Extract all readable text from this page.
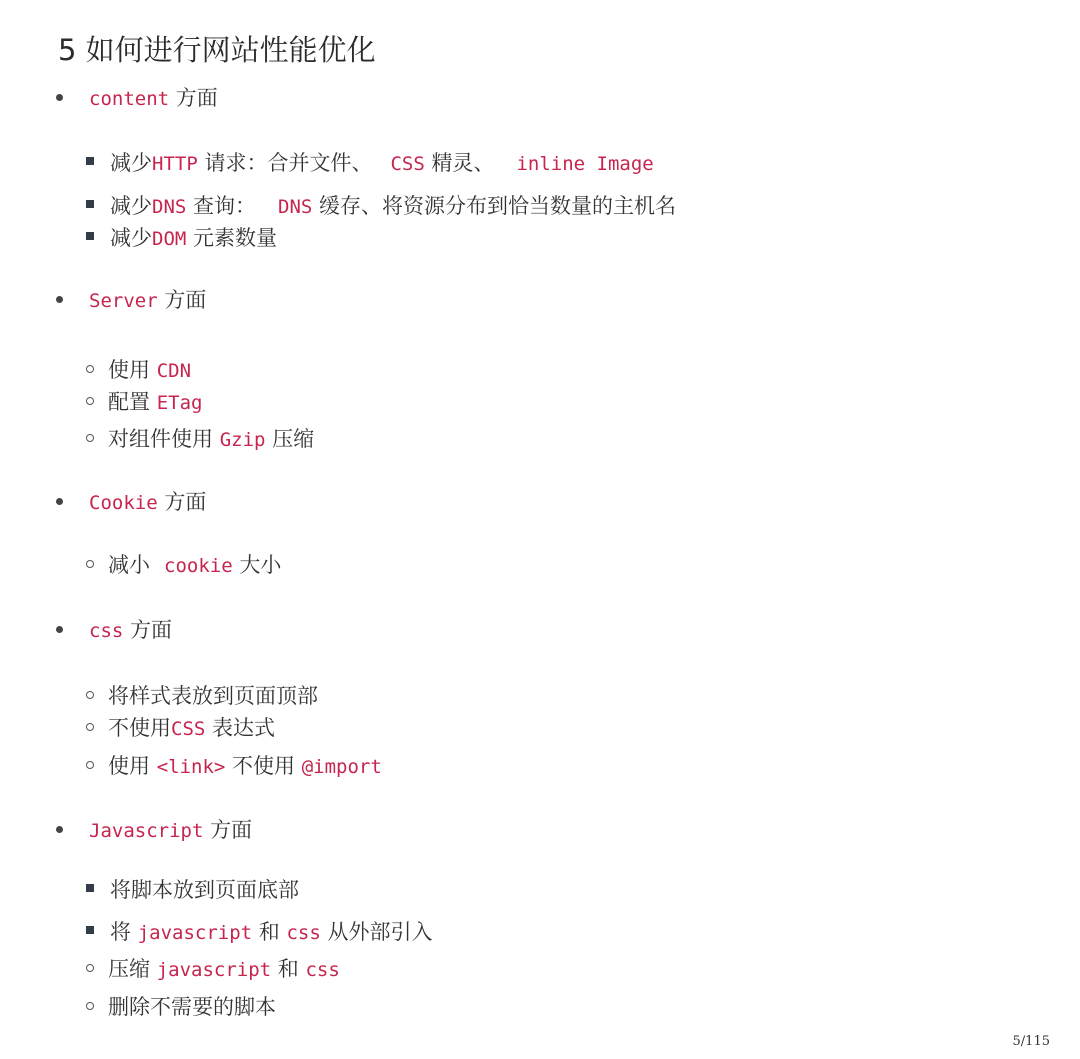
5 如何进行网站性能优化
content 方面
减少HTTP 请求：合并文件、 CSS 精灵、 inline Image
减少DNS 查询： DNS 缓存、将资源分布到恰当数量的主机名
减少DOM 元素数量
Server 方面
使用 CDN
配置 ETag
对组件使用 Gzip 压缩
Cookie 方面
减小 cookie 大小
css 方面
将样式表放到页面顶部
不使用CSS 表达式
使用 <link> 不使用 @import
Javascript 方面
将脚本放到页面底部
将 javascript 和 css 从外部引入
压缩 javascript 和 css
删除不需要的脚本
5/115
